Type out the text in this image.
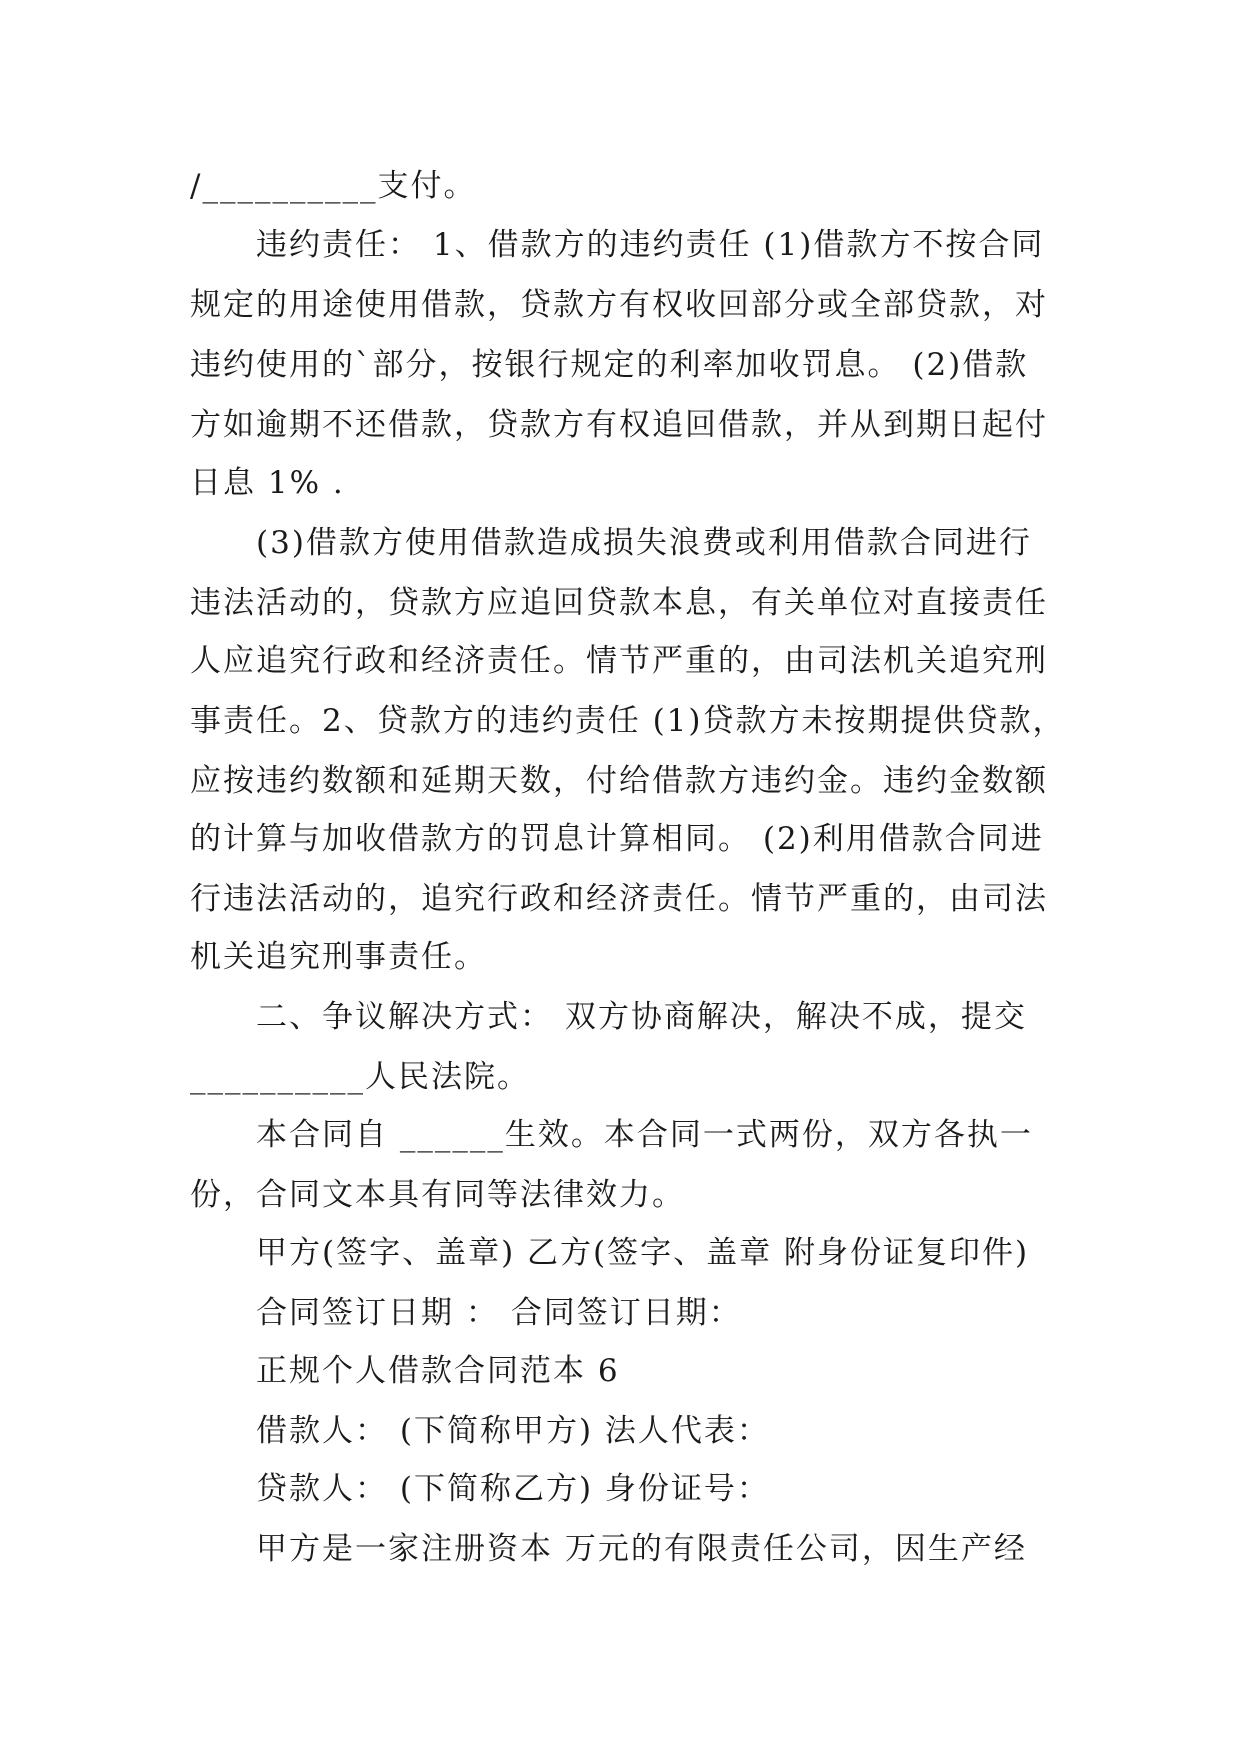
/__________支付。
违约责任： 1、借款方的违约责任 (1)借款方不按合同
规定的用途使用借款，贷款方有权收回部分或全部贷款，对
违约使用的`部分，按银行规定的利率加收罚息。 (2)借款
方如逾期不还借款，贷款方有权追回借款，并从到期日起付
日息 1% .
(3)借款方使用借款造成损失浪费或利用借款合同进行
违法活动的，贷款方应追回贷款本息，有关单位对直接责任
人应追究行政和经济责任。情节严重的，由司法机关追究刑
事责任。2、贷款方的违约责任 (1)贷款方未按期提供贷款，
应按违约数额和延期天数，付给借款方违约金。违约金数额
的计算与加收借款方的罚息计算相同。 (2)利用借款合同进
行违法活动的，追究行政和经济责任。情节严重的，由司法
机关追究刑事责任。
二、争议解决方式： 双方协商解决，解决不成，提交
__________人民法院。
本合同自 ______生效。本合同一式两份，双方各执一
份，合同文本具有同等法律效力。
甲方(签字、盖章) 乙方(签字、盖章 附身份证复印件)
合同签订日期 ： 合同签订日期：
正规个人借款合同范本 6
借款人： (下简称甲方) 法人代表：
贷款人： (下简称乙方) 身份证号：
甲方是一家注册资本 万元的有限责任公司，因生产经
